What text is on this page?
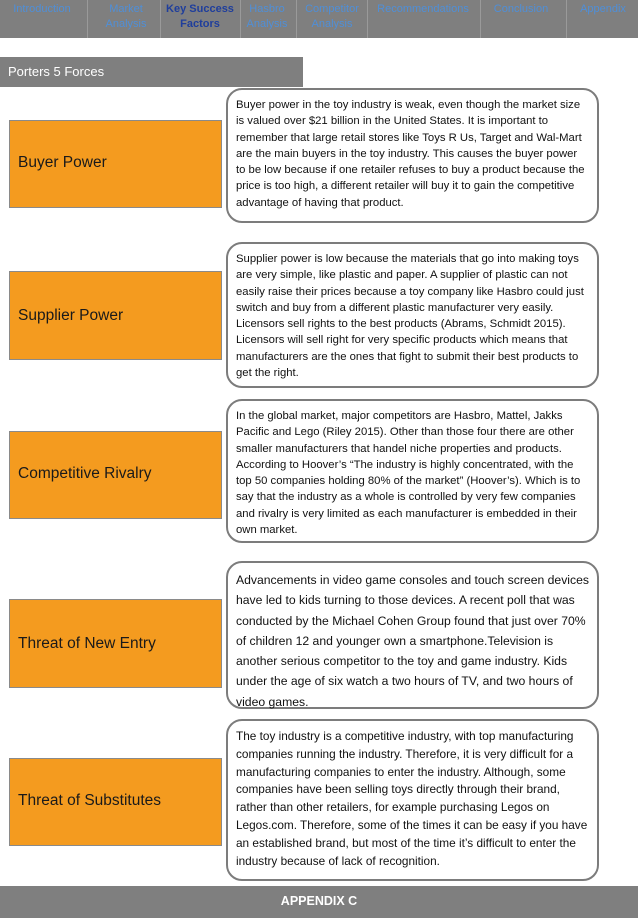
Introduction	Market
Analysis
Key Success
Factors
Hasbro
Analysis
Competitor
Analysis
Recommendations	Conclusion	Appendix
Porters 5 Forces
Buyer Power

Buyer power in the toy industry is weak, even though the market size is valued over $21 billion in the United States. It is important to remember that large retail stores like Toys R Us, Target and Wal-Mart are the main buyers in the toy industry. This causes the buyer power to be low because if one retailer refuses to buy a product because the price is too high, a different retailer will buy it to gain the competitive advantage of having that product.

Supplier Power

Supplier power is low because the materials that go into making toys are very simple, like plastic and paper. A supplier of plastic can not easily raise their prices because a toy company like Hasbro could just switch and buy from a different plastic manufacturer very easily. Licensors sell rights to the best products (Abrams, Schmidt 2015). Licensors will sell right for very specific products which means that manufacturers are the ones that fight to submit their best products to get the right.

Competitive Rivalry

In the global market, major competitors are Hasbro, Mattel, Jakks Pacific and Lego (Riley 2015). Other than those four there are other smaller manufacturers that handel niche properties and products. According to Hoover’s “The industry is highly concentrated, with the top 50 companies holding 80% of the market” (Hoover’s). Which is to say that the industry as a whole is controlled by very few companies and rivalry is very limited as each manufacturer is embedded in their own market.

Threat of New Entry

Advancements in video game consoles and touch screen devices have led to kids turning to those devices. A recent poll that was conducted by the Michael Cohen Group found that just over 70% of children 12 and younger own a smartphone.Television is another serious competitor to the toy and game industry. Kids under the age of six watch a two hours of TV, and two hours of video games.

Threat of Substitutes

The toy industry is a competitive industry, with top manufacturing companies running the industry. Therefore, it is very difficult for a manufacturing companies to enter the industry. Although, some companies have been selling toys directly through their brand, rather than other retailers, for example purchasing Legos on Legos.com. Therefore, some of the times it can be easy if you have an established brand, but most of the time it’s difficult to enter the industry because of lack of recognition.

APPENDIX C
